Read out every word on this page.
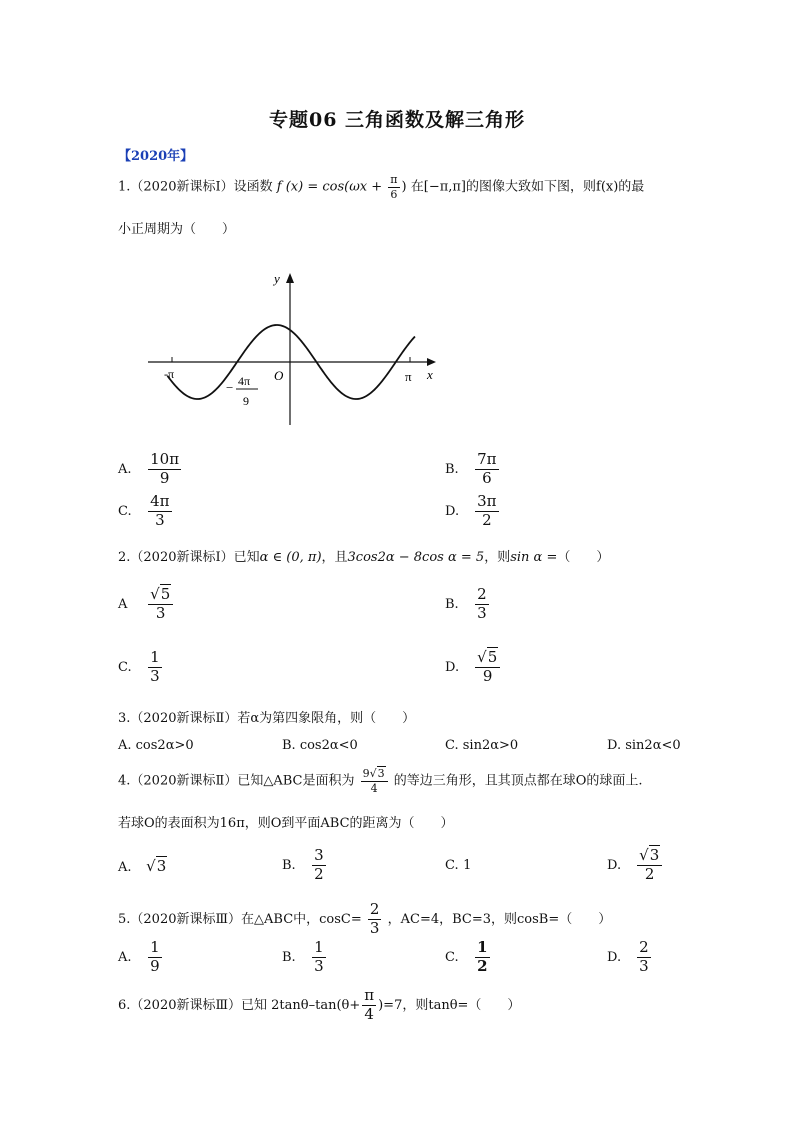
专题06 三角函数及解三角形
【2020年】
1.（2020新课标Ⅰ）设函数 f $(x) = \cos(\omega x + \frac{\pi}{6}$ ) 在[−π,π]的图像大致如下图，则f(x)的最
小正周期为（　　）
y
x
O
-π	π
− 4π
9
A. $\frac{10\pi}{9}$	B. $\frac{7\pi}{6}$
C. $\frac{4\pi}{3}$	D. $\frac{3\pi}{2}$
2.（2020新课标Ⅰ）已知α ∈ (0, π)，且3cos2α − 8cos α = 5，则sin α =（　　）
A $\frac{√5}{3}$	B. $\frac{2}{3}$
C. $\frac{1}{3}$	D. $\frac{√5}{9}$
3.（2020新课标Ⅱ）若α为第四象限角，则（　　）
A. cos2α>0	B. cos2α<0	C. sin2α>0	D. sin2α<0
4.（2020新课标Ⅱ）已知△ABC是面积为 $\frac{9√3}{4}$ 的等边三角形，且其顶点都在球O的球面上.
若球O的表面积为16π，则O到平面ABC的距离为（　　）
A. √3	B. $\frac{3}{2}$	C. 1	D. $\frac{√3}{2}$
5.（2020新课标Ⅲ）在△ABC中，$\cos C= \frac{2}{3}$ ，AC=4，BC=3，则cosB=（　　）
A. $\frac{1}{9}$	B. $\frac{1}{3}$	C. $\frac{1}{2}$	D. $\frac{2}{3}$
6.（2020新课标Ⅲ）已知 $2\tan\theta-\tan(\theta+ \frac{\pi}{4} )=7$，则tanθ=（　　）
